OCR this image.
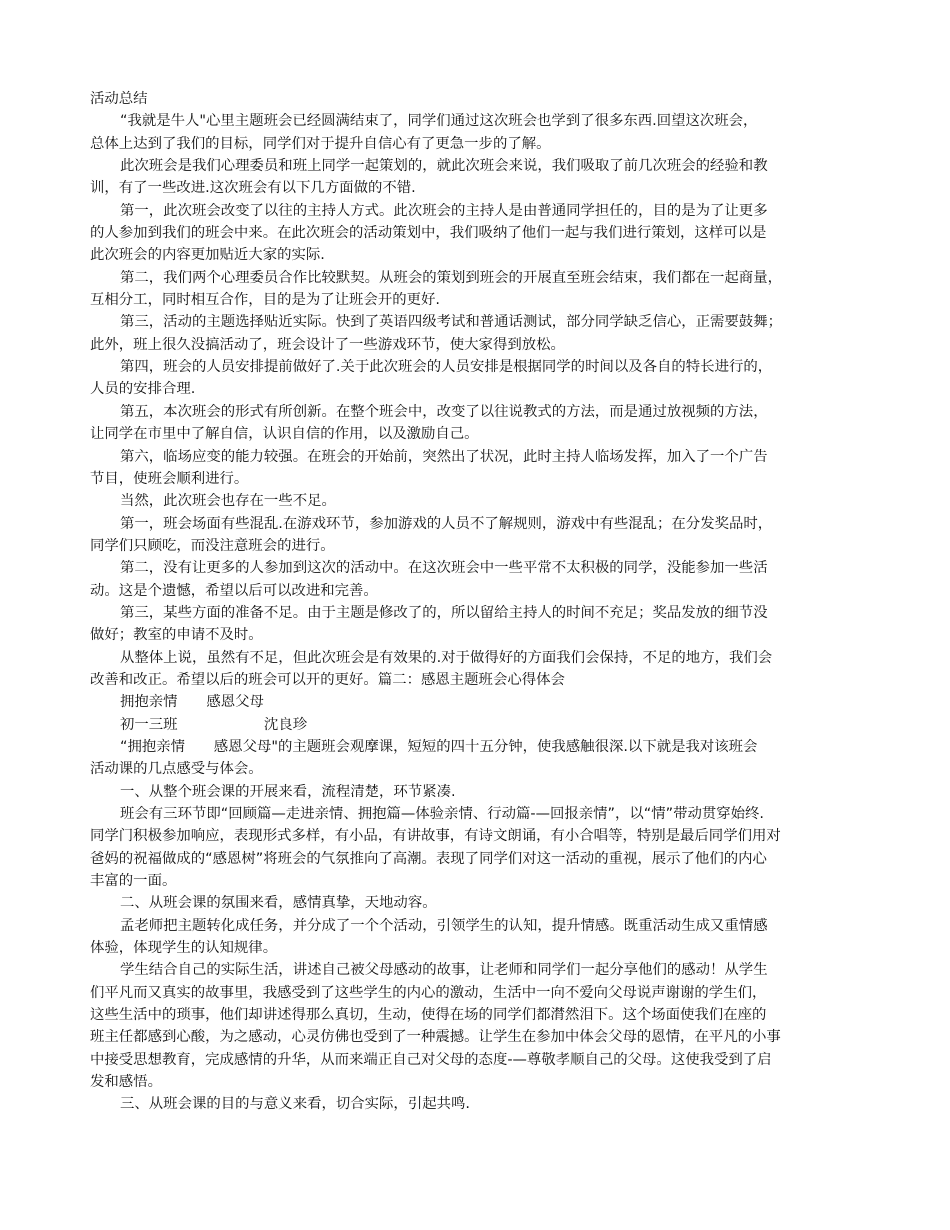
活动总结
“我就是牛人"心里主题班会已经圆满结束了，同学们通过这次班会也学到了很多东西.回望这次班会，
总体上达到了我们的目标，同学们对于提升自信心有了更急一步的了解。
此次班会是我们心理委员和班上同学一起策划的，就此次班会来说，我们吸取了前几次班会的经验和教
训，有了一些改进.这次班会有以下几方面做的不错.
第一，此次班会改变了以往的主持人方式。此次班会的主持人是由普通同学担任的，目的是为了让更多
的人参加到我们的班会中来。在此次班会的活动策划中，我们吸纳了他们一起与我们进行策划，这样可以是
此次班会的内容更加贴近大家的实际.
第二，我们两个心理委员合作比较默契。从班会的策划到班会的开展直至班会结束，我们都在一起商量，
互相分工，同时相互合作，目的是为了让班会开的更好.
第三，活动的主题选择贴近实际。快到了英语四级考试和普通话测试，部分同学缺乏信心，正需要鼓舞；
此外，班上很久没搞活动了，班会设计了一些游戏环节，使大家得到放松。
第四，班会的人员安排提前做好了.关于此次班会的人员安排是根据同学的时间以及各自的特长进行的，
人员的安排合理.
第五，本次班会的形式有所创新。在整个班会中，改变了以往说教式的方法，而是通过放视频的方法，
让同学在市里中了解自信，认识自信的作用，以及激励自己。
第六，临场应变的能力较强。在班会的开始前，突然出了状况，此时主持人临场发挥，加入了一个广告
节目，使班会顺利进行。
当然，此次班会也存在一些不足。
第一，班会场面有些混乱.在游戏环节，参加游戏的人员不了解规则，游戏中有些混乱；在分发奖品时，
同学们只顾吃，而没注意班会的进行。
第二，没有让更多的人参加到这次的活动中。在这次班会中一些平常不太积极的同学，没能参加一些活
动。这是个遗憾，希望以后可以改进和完善。
第三，某些方面的准备不足。由于主题是修改了的，所以留给主持人的时间不充足；奖品发放的细节没
做好；教室的申请不及时。
从整体上说，虽然有不足，但此次班会是有效果的.对于做得好的方面我们会保持，不足的地方，我们会
改善和改正。希望以后的班会可以开的更好。篇二：感恩主题班会心得体会
拥抱亲情　　感恩父母
初一三班　　　　　　沈良珍
“拥抱亲情　　感恩父母"的主题班会观摩课，短短的四十五分钟，使我感触很深.以下就是我对该班会
活动课的几点感受与体会。
一、从整个班会课的开展来看，流程清楚，环节紧凑.
班会有三环节即“回顾篇—走进亲情、拥抱篇—体验亲情、行动篇-—回报亲情”，以“情”带动贯穿始终.
同学门积极参加响应，表现形式多样，有小品，有讲故事，有诗文朗诵，有小合唱等，特别是最后同学们用对
爸妈的祝福做成的“感恩树”将班会的气氛推向了高潮。表现了同学们对这一活动的重视，展示了他们的内心
丰富的一面。
二、从班会课的氛围来看，感情真挚，天地动容。
孟老师把主题转化成任务，并分成了一个个活动，引领学生的认知，提升情感。既重活动生成又重情感
体验，体现学生的认知规律。
学生结合自己的实际生活，讲述自己被父母感动的故事，让老师和同学们一起分享他们的感动！从学生
们平凡而又真实的故事里，我感受到了这些学生的内心的激动，生活中一向不爱向父母说声谢谢的学生们，
这些生活中的琐事，他们却讲述得那么真切，生动，使得在场的同学们都潸然泪下。这个场面使我们在座的
班主任都感到心酸，为之感动，心灵仿佛也受到了一种震撼。让学生在参加中体会父母的恩情，在平凡的小事
中接受思想教育，完成感情的升华，从而来端正自己对父母的态度-—尊敬孝顺自己的父母。这使我受到了启
发和感悟。
三、从班会课的目的与意义来看，切合实际，引起共鸣.
